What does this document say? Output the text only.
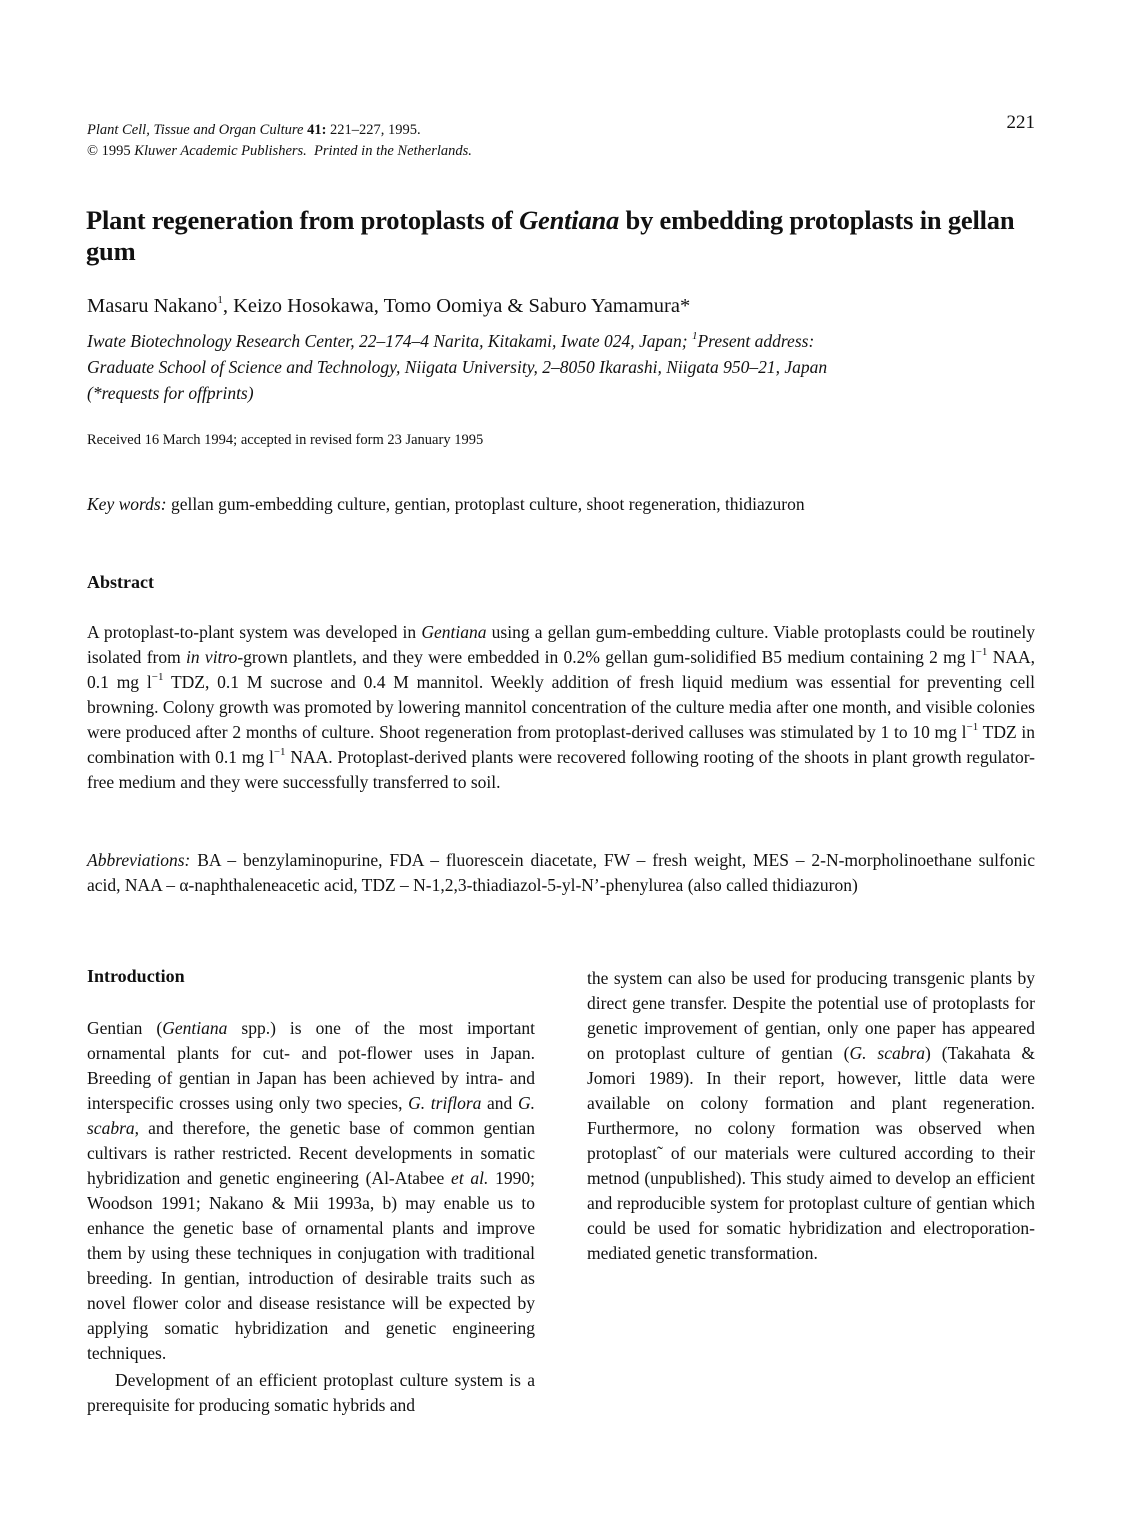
Plant Cell, Tissue and Organ Culture 41: 221–227, 1995.
© 1995 Kluwer Academic Publishers. Printed in the Netherlands.
221
Plant regeneration from protoplasts of Gentiana by embedding protoplasts in gellan gum
Masaru Nakano$^1$, Keizo Hosokawa, Tomo Oomiya & Saburo Yamamura*
Iwate Biotechnology Research Center, 22–174–4 Narita, Kitakami, Iwate 024, Japan; $^1$Present address:
Graduate School of Science and Technology, Niigata University, 2–8050 Ikarashi, Niigata 950–21, Japan
(*requests for offprints)
Received 16 March 1994; accepted in revised form 23 January 1995
Key words: gellan gum-embedding culture, gentian, protoplast culture, shoot regeneration, thidiazuron
Abstract
A protoplast-to-plant system was developed in Gentiana using a gellan gum-embedding culture. Viable protoplasts could be routinely isolated from in vitro-grown plantlets, and they were embedded in 0.2% gellan gum-solidified B5 medium containing 2 mg $l^{-1}$ NAA, 0.1 mg $l^{-1}$ TDZ, 0.1 M sucrose and 0.4 M mannitol. Weekly addition of fresh liquid medium was essential for preventing cell browning. Colony growth was promoted by lowering mannitol concentration of the culture media after one month, and visible colonies were produced after 2 months of culture. Shoot regeneration from protoplast-derived calluses was stimulated by 1 to 10 mg $l^{-1}$ TDZ in combination with 0.1 mg $l^{-1}$ NAA. Protoplast-derived plants were recovered following rooting of the shoots in plant growth regulator-free medium and they were successfully transferred to soil.
Abbreviations: BA – benzylaminopurine, FDA – fluorescein diacetate, FW – fresh weight, MES – 2-N-morpholinoethane sulfonic acid, NAA – α-naphthaleneacetic acid, TDZ – N-1,2,3-thiadiazol-5-yl-N’-phenylurea (also called thidiazuron)
Introduction
Gentian (Gentiana spp.) is one of the most important ornamental plants for cut- and pot-flower uses in Japan. Breeding of gentian in Japan has been achieved by intra- and interspecific crosses using only two species, G. triflora and G. scabra, and therefore, the genetic base of common gentian cultivars is rather restricted. Recent developments in somatic hybridization and genetic engineering (Al-Atabee et al. 1990; Woodson 1991; Nakano & Mii 1993a, b) may enable us to enhance the genetic base of ornamental plants and improve them by using these techniques in conjugation with traditional breeding. In gentian, introduction of desirable traits such as novel flower color and disease resistance will be expected by applying somatic hybridization and genetic engineering techniques.
Development of an efficient protoplast culture system is a prerequisite for producing somatic hybrids and
the system can also be used for producing transgenic plants by direct gene transfer. Despite the potential use of protoplasts for genetic improvement of gentian, only one paper has appeared on protoplast culture of gentian (G. scabra) (Takahata & Jomori 1989). In their report, however, little data were available on colony formation and plant regeneration. Furthermore, no colony formation was observed when protoplast˜ of our materials were cultured according to their metnod (unpublished). This study aimed to develop an efficient and reproducible system for protoplast culture of gentian which could be used for somatic hybridization and electroporation-mediated genetic transformation.
